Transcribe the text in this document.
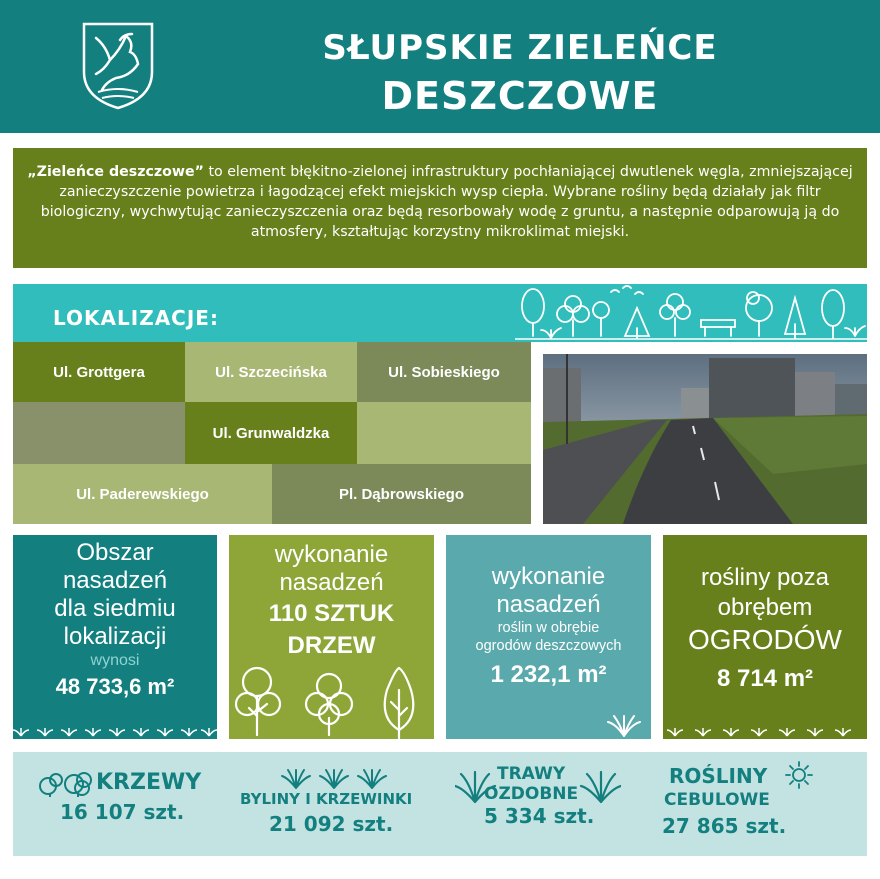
SŁUPSKIE ZIELEŃCE
DESZCZOWE
„Zieleńce deszczowe” to element błękitno-zielonej infrastruktury pochłaniającej dwutlenek węgla, zmniejszającej zanieczyszczenie powietrza i łagodzącej efekt miejskich wysp ciepła. Wybrane rośliny będą działały jak filtr biologiczny, wychwytując zanieczyszczenia oraz będą resorbowały wodę z gruntu, a następnie odparowują ją do atmosfery, kształtując korzystny mikroklimat miejski.
LOKALIZACJE:
Ul. Grottgera	Ul. Szczecińska	Ul. Sobieskiego
Ul. Grunwaldzka
Ul. Paderewskiego	Pl. Dąbrowskiego
Obszar
nasadzeń
dla siedmiu
lokalizacji
wynosi
48 733,6 m²
wykonanie
nasadzeń
110 SZTUK
DRZEW
wykonanie
nasadzeń
roślin w obrębie
ogrodów deszczowych
1 232,1 m²
rośliny poza
obrębem
OGRODÓW
8 714 m²
KRZEWY
16 107 szt.
BYLINY I KRZEWINKI
21 092 szt.
TRAWY
OZDOBNE
5 334 szt.
ROŚLINY
CEBULOWE
27 865 szt.
